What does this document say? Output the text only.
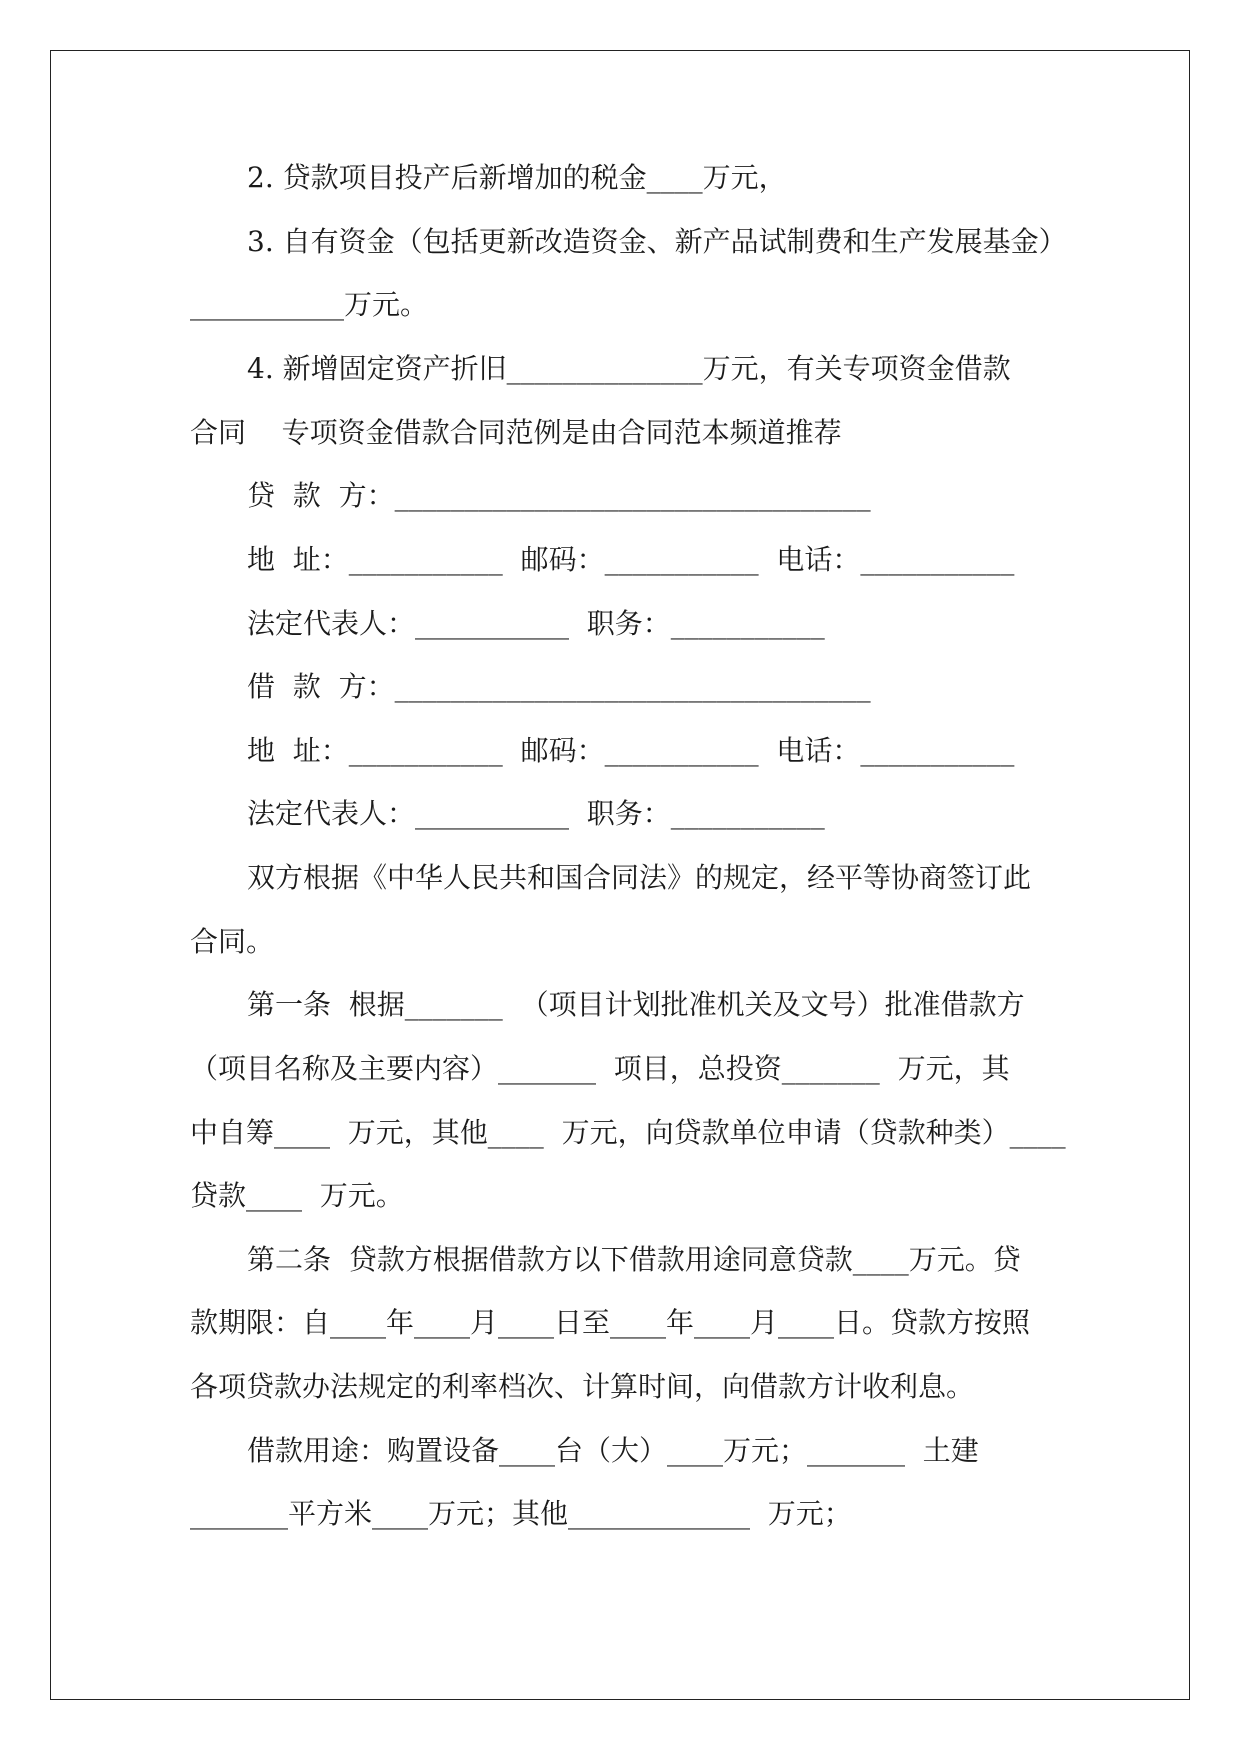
2. 贷款项目投产后新增加的税金____万元，
3. 自有资金（包括更新改造资金、新产品试制费和生产发展基金）
___________万元。
4. 新增固定资产折旧______________万元，有关专项资金借款
合同    专项资金借款合同范例是由合同范本频道推荐
贷  款  方：__________________________________
地  址：___________  邮码：___________  电话：___________
法定代表人：___________  职务：___________
借  款  方：__________________________________
地  址：___________  邮码：___________  电话：___________
法定代表人：___________  职务：___________
双方根据《中华人民共和国合同法》的规定，经平等协商签订此
合同。
第一条  根据_______  （项目计划批准机关及文号）批准借款方
（项目名称及主要内容）_______  项目，总投资_______  万元，其
中自筹____  万元，其他____  万元，向贷款单位申请（贷款种类）____
贷款____  万元。
第二条  贷款方根据借款方以下借款用途同意贷款____万元。贷
款期限：自____年____月____日至____年____月____日。贷款方按照
各项贷款办法规定的利率档次、计算时间，向借款方计收利息。
借款用途：购置设备____台（大）____万元；_______  土建
_______平方米____万元；其他_____________  万元；
